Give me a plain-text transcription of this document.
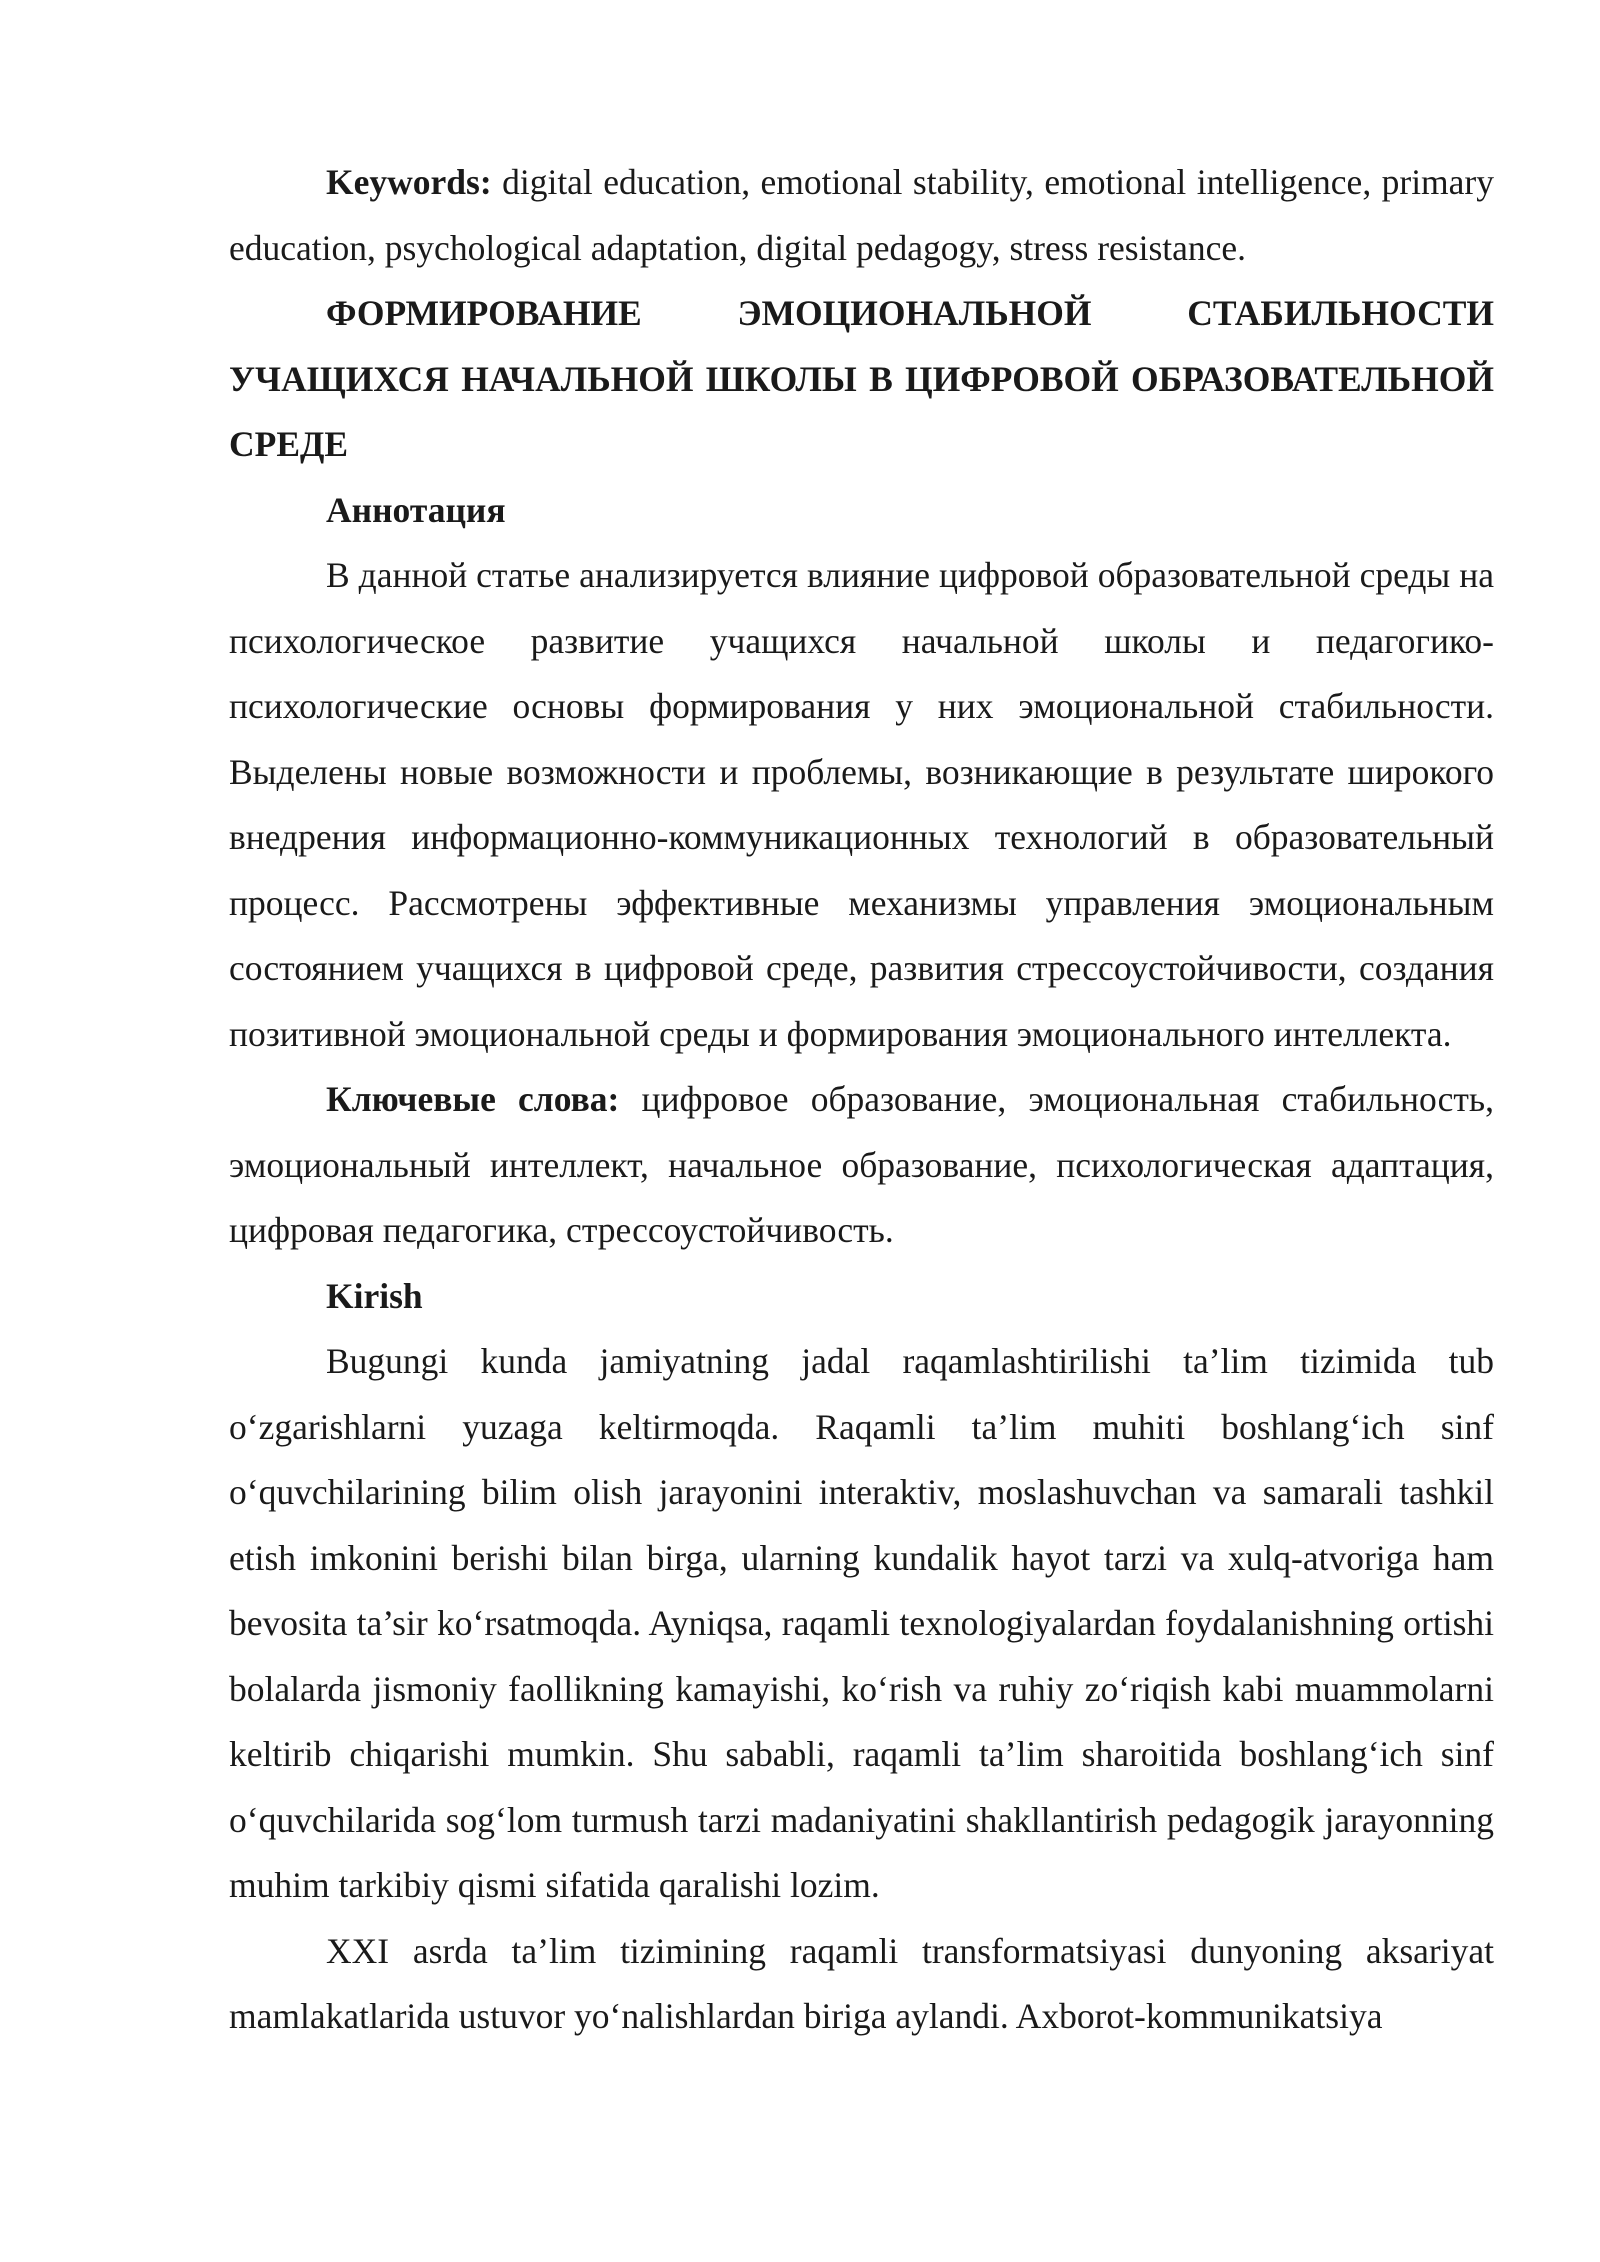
Keywords: digital education, emotional stability, emotional intelligence, primary education, psychological adaptation, digital pedagogy, stress resistance.

ФОРМИРОВАНИЕ ЭМОЦИОНАЛЬНОЙ СТАБИЛЬНОСТИ УЧАЩИХСЯ НАЧАЛЬНОЙ ШКОЛЫ В ЦИФРОВОЙ ОБРАЗОВАТЕЛЬНОЙ СРЕДЕ

Аннотация

В данной статье анализируется влияние цифровой образовательной среды на психологическое развитие учащихся начальной школы и педагогико-психологические основы формирования у них эмоциональной стабильности. Выделены новые возможности и проблемы, возникающие в результате широкого внедрения информационно-коммуникационных технологий в образовательный процесс. Рассмотрены эффективные механизмы управления эмоциональным состоянием учащихся в цифровой среде, развития стрессоустойчивости, создания позитивной эмоциональной среды и формирования эмоционального интеллекта.

Ключевые слова: цифровое образование, эмоциональная стабильность, эмоциональный интеллект, начальное образование, психологическая адаптация, цифровая педагогика, стрессоустойчивость.

Kirish

Bugungi kunda jamiyatning jadal raqamlashtirilishi ta’lim tizimida tub o‘zgarishlarni yuzaga keltirmoqda. Raqamli ta’lim muhiti boshlang‘ich sinf o‘quvchilarining bilim olish jarayonini interaktiv, moslashuvchan va samarali tashkil etish imkonini berishi bilan birga, ularning kundalik hayot tarzi va xulq-atvoriga ham bevosita ta’sir ko‘rsatmoqda. Ayniqsa, raqamli texnologiyalardan foydalanishning ortishi bolalarda jismoniy faollikning kamayishi, ko‘rish va ruhiy zo‘riqish kabi muammolarni keltirib chiqarishi mumkin. Shu sababli, raqamli ta’lim sharoitida boshlang‘ich sinf o‘quvchilarida sog‘lom turmush tarzi madaniyatini shakllantirish pedagogik jarayonning muhim tarkibiy qismi sifatida qaralishi lozim.

XXI asrda ta’lim tizimining raqamli transformatsiyasi dunyoning aksariyat mamlakatlarida ustuvor yo‘nalishlardan biriga aylandi. Axborot-kommunikatsiya
